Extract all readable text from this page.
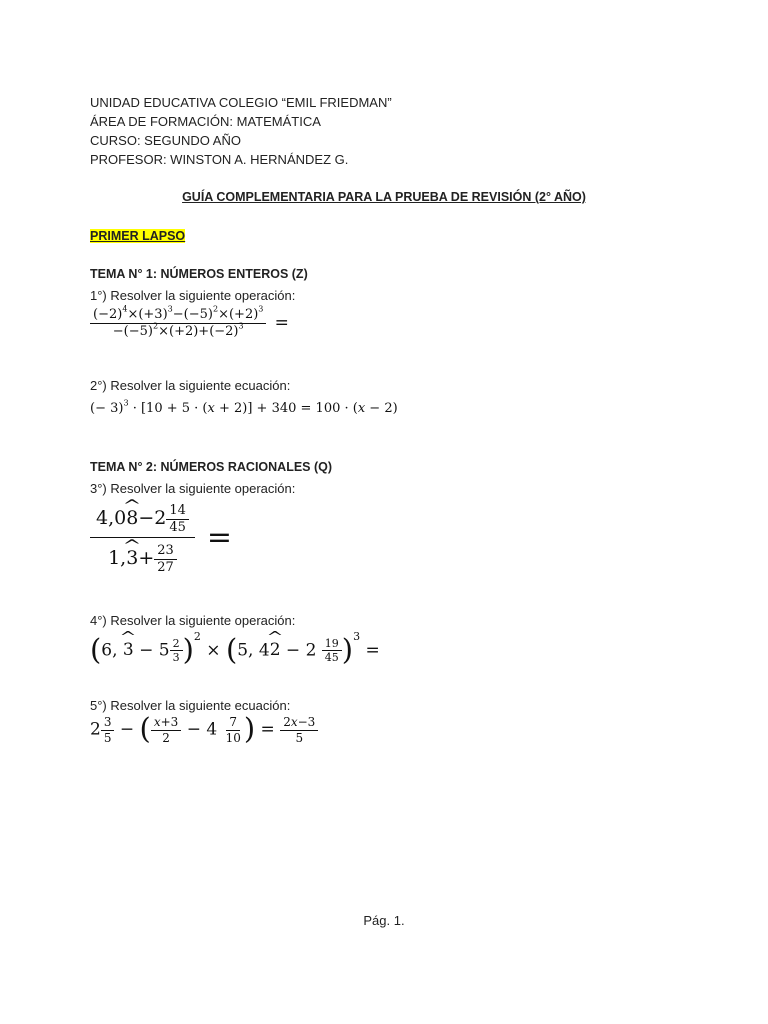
UNIDAD EDUCATIVA COLEGIO “EMIL FRIEDMAN”
ÁREA DE FORMACIÓN: MATEMÁTICA
CURSO: SEGUNDO AÑO
PROFESOR: WINSTON A. HERNÁNDEZ G.
GUÍA COMPLEMENTARIA PARA LA PRUEBA DE REVISIÓN (2° AÑO)
PRIMER LAPSO
TEMA N° 1: NÚMEROS ENTEROS (Z)
1°) Resolver la siguiente operación:
$\frac{(-2)^4\times(+3)^3-(-5)^2\times(+2)^3}{-(-5)^2\times(+2)+(-2)^3}$ =
2°) Resolver la siguiente ecuación:
(− 3)$^3$ · [10 + 5 · (x + 2)] + 340 = 100 · (x − 2)
TEMA N° 2: NÚMEROS RACIONALES (Q)
3°) Resolver la siguiente operación:
$\frac{4,0\^{} 8-2 \frac{14}{45}}{1,\^{} 3+ \frac{23}{27}}$ =
4°) Resolver la siguiente operación:
(6, ^ $3 - 5 \frac{2}{3} )^2 \times (5$, 4^ $2 - 2 \frac{19}{45} )^3$ =
5°) Resolver la siguiente ecuación:
$2 \frac{3}{5}$ − ( $\frac{x+3}{2} - 4 \frac{7}{10}$ ) = $\frac{2x-3}{5}$
Pág. 1.
